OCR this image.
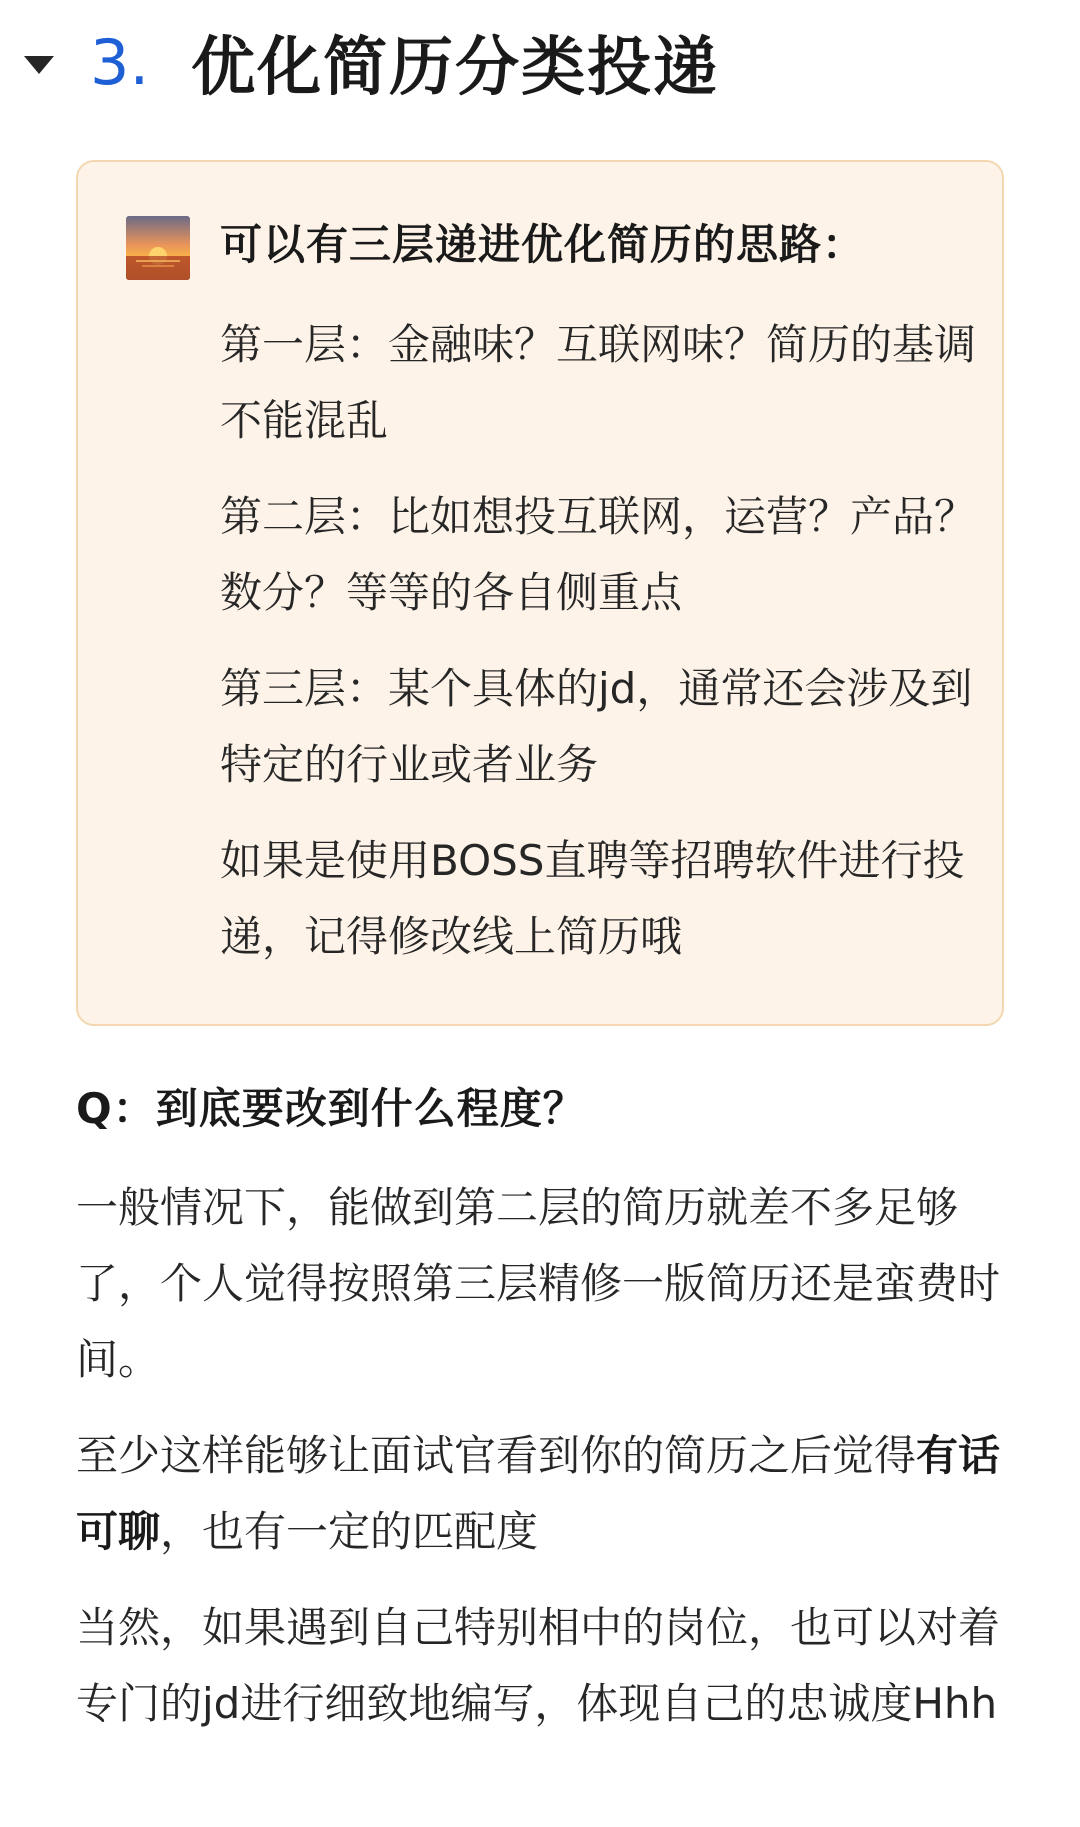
3. 优化简历分类投递
可以有三层递进优化简历的思路：

第一层：金融味？互联网味？简历的基调不能混乱

第二层：比如想投互联网，运营？产品？数分？等等的各自侧重点

第三层：某个具体的jd，通常还会涉及到特定的行业或者业务

如果是使用BOSS直聘等招聘软件进行投递，记得修改线上简历哦

Q：到底要改到什么程度？

一般情况下，能做到第二层的简历就差不多足够了，个人觉得按照第三层精修一版简历还是蛮费时间。

至少这样能够让面试官看到你的简历之后觉得有话可聊，也有一定的匹配度

当然，如果遇到自己特别相中的岗位，也可以对着专门的jd进行细致地编写，体现自己的忠诚度Hhh
